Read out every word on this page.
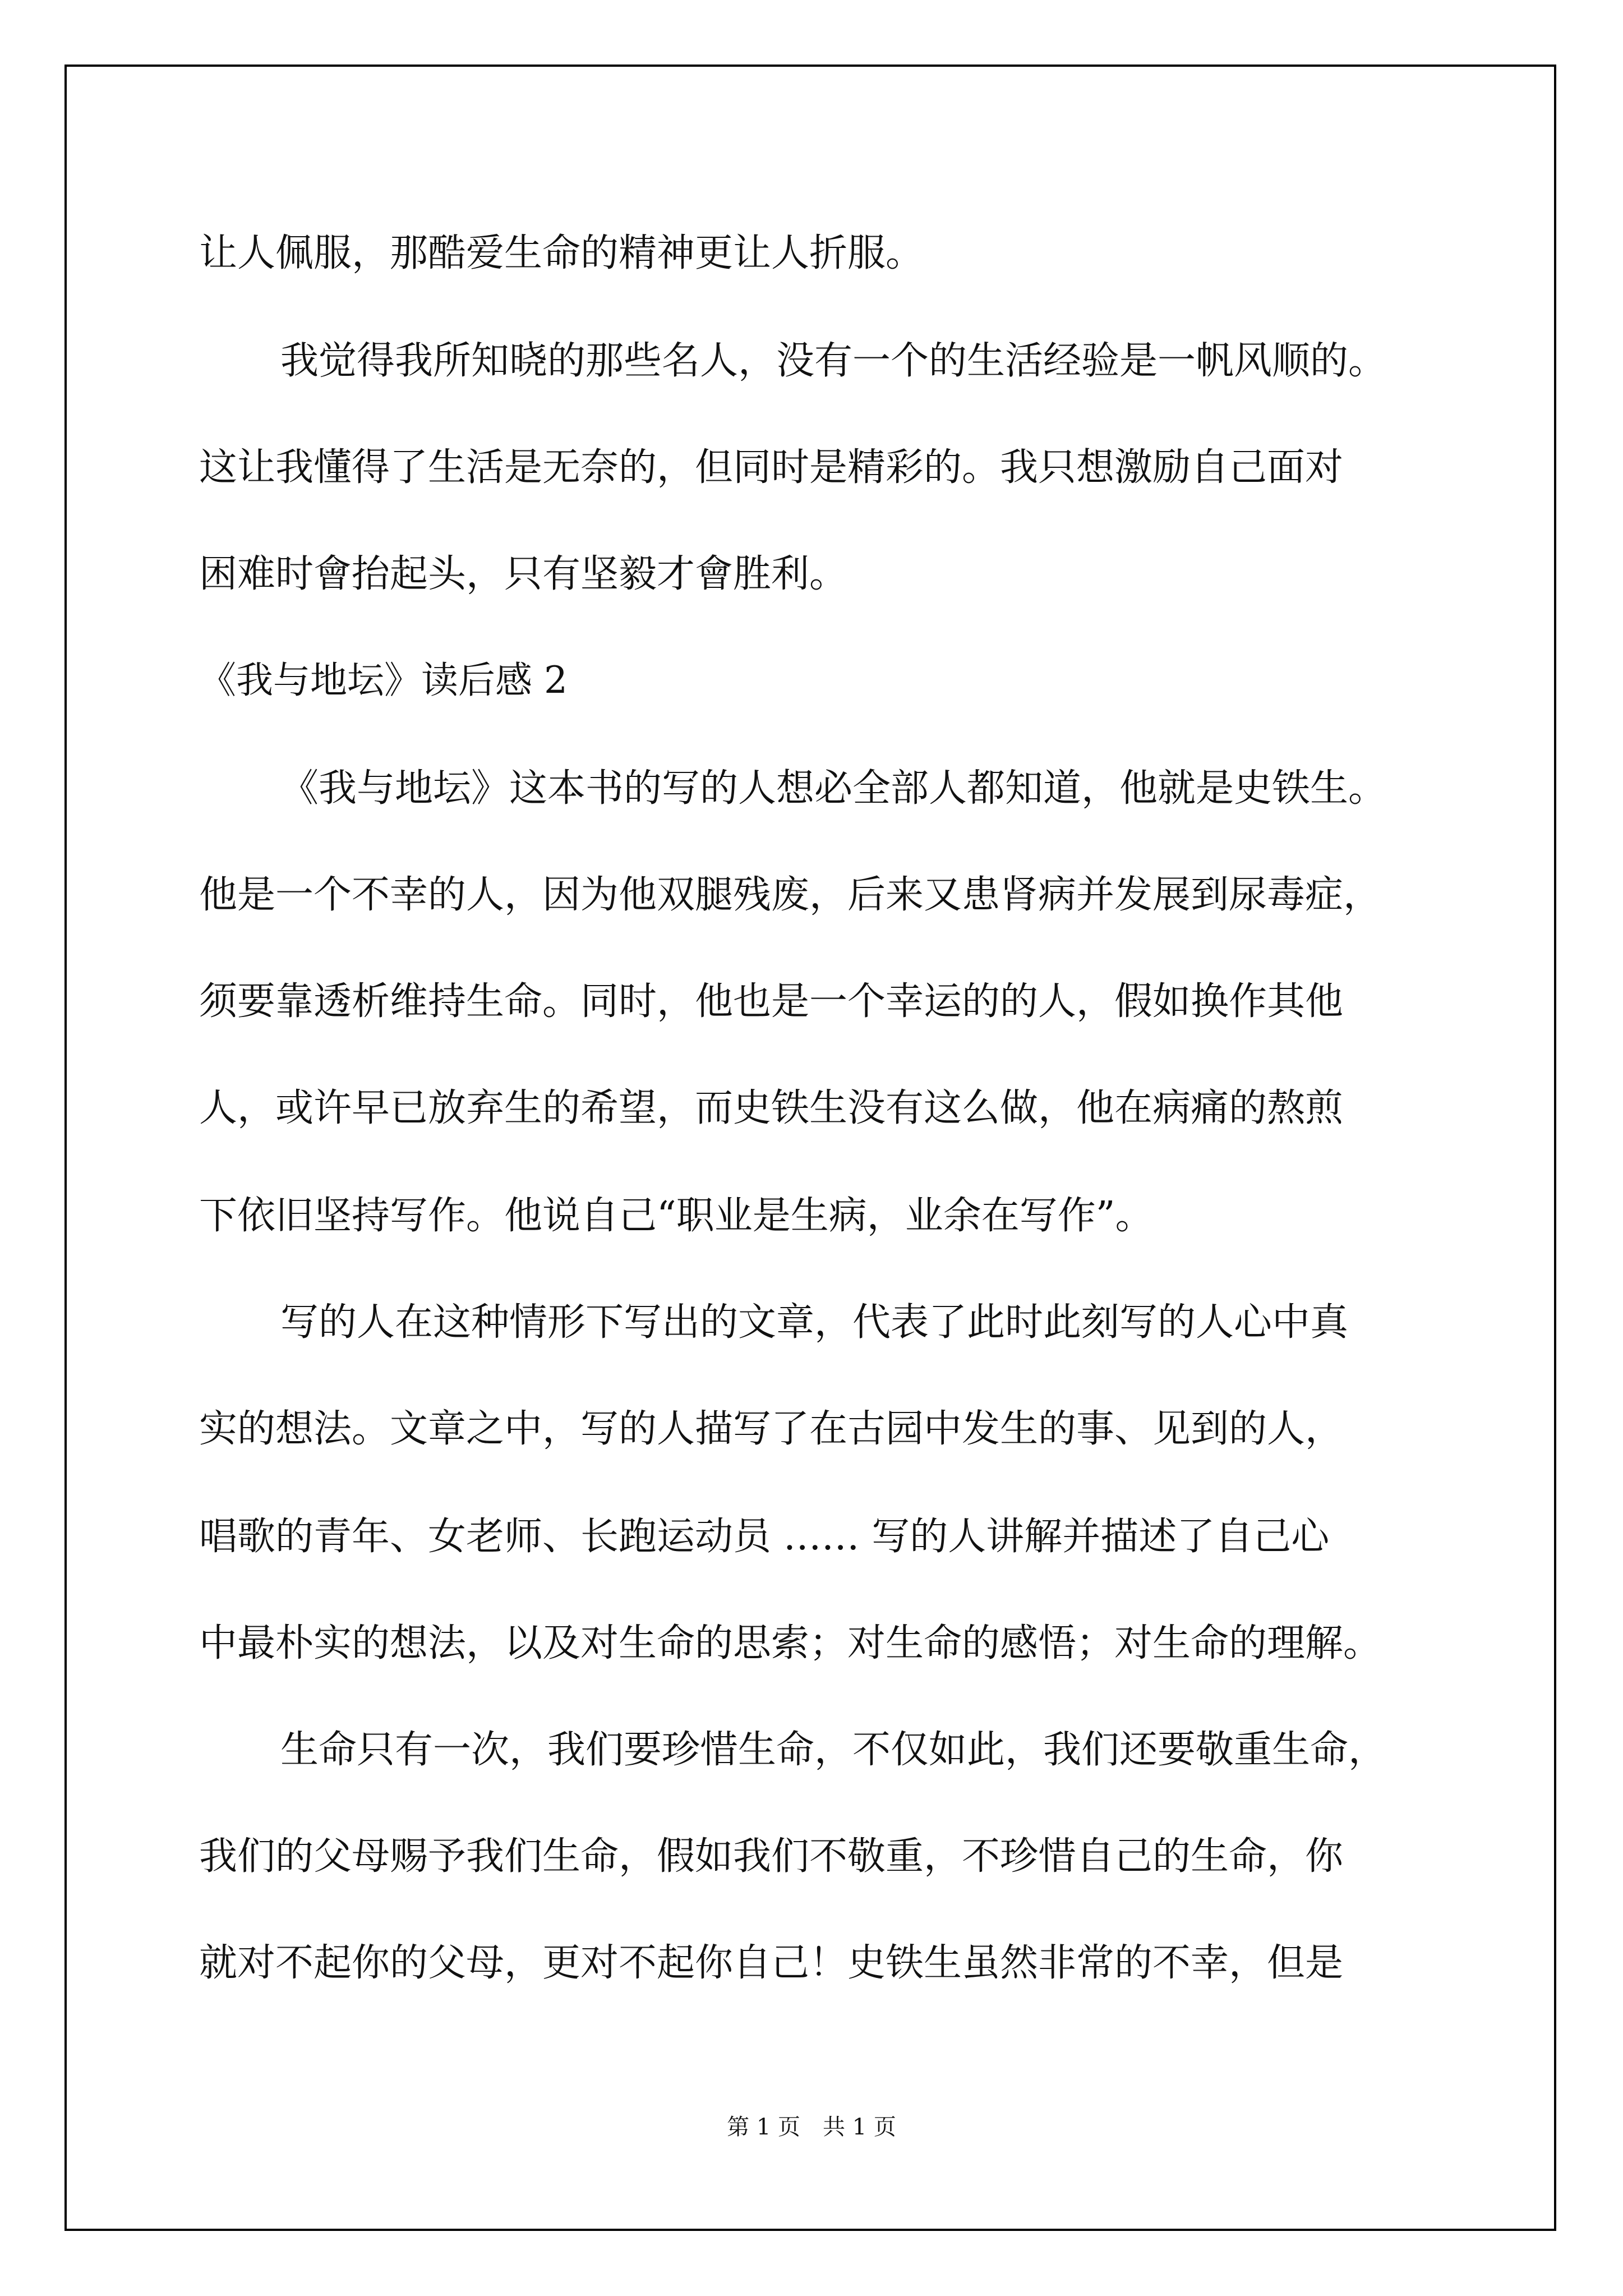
让人佩服，那酷爱生命的精神更让人折服。

我觉得我所知晓的那些名人，没有一个的生活经验是一帆风顺的。

这让我懂得了生活是无奈的，但同时是精彩的。我只想激励自己面对

困难时會抬起头，只有坚毅才會胜利。

《我与地坛》读后感 2

《我与地坛》这本书的写的人想必全部人都知道，他就是史铁生。

他是一个不幸的人，因为他双腿残废，后来又患肾病并发展到尿毒症，

须要靠透析维持生命。同时，他也是一个幸运的的人，假如换作其他

人，或许早已放弃生的希望，而史铁生没有这么做，他在病痛的熬煎

下依旧坚持写作。他说自己“职业是生病，业余在写作”。

写的人在这种情形下写出的文章，代表了此时此刻写的人心中真

实的想法。文章之中，写的人描写了在古园中发生的事、见到的人，

唱歌的青年、女老师、长跑运动员 …… 写的人讲解并描述了自己心

中最朴实的想法，以及对生命的思索；对生命的感悟；对生命的理解。

生命只有一次，我们要珍惜生命，不仅如此，我们还要敬重生命，

我们的父母赐予我们生命，假如我们不敬重，不珍惜自己的生命，你

就对不起你的父母，更对不起你自己！史铁生虽然非常的不幸，但是

第 1 页　共 1 页
